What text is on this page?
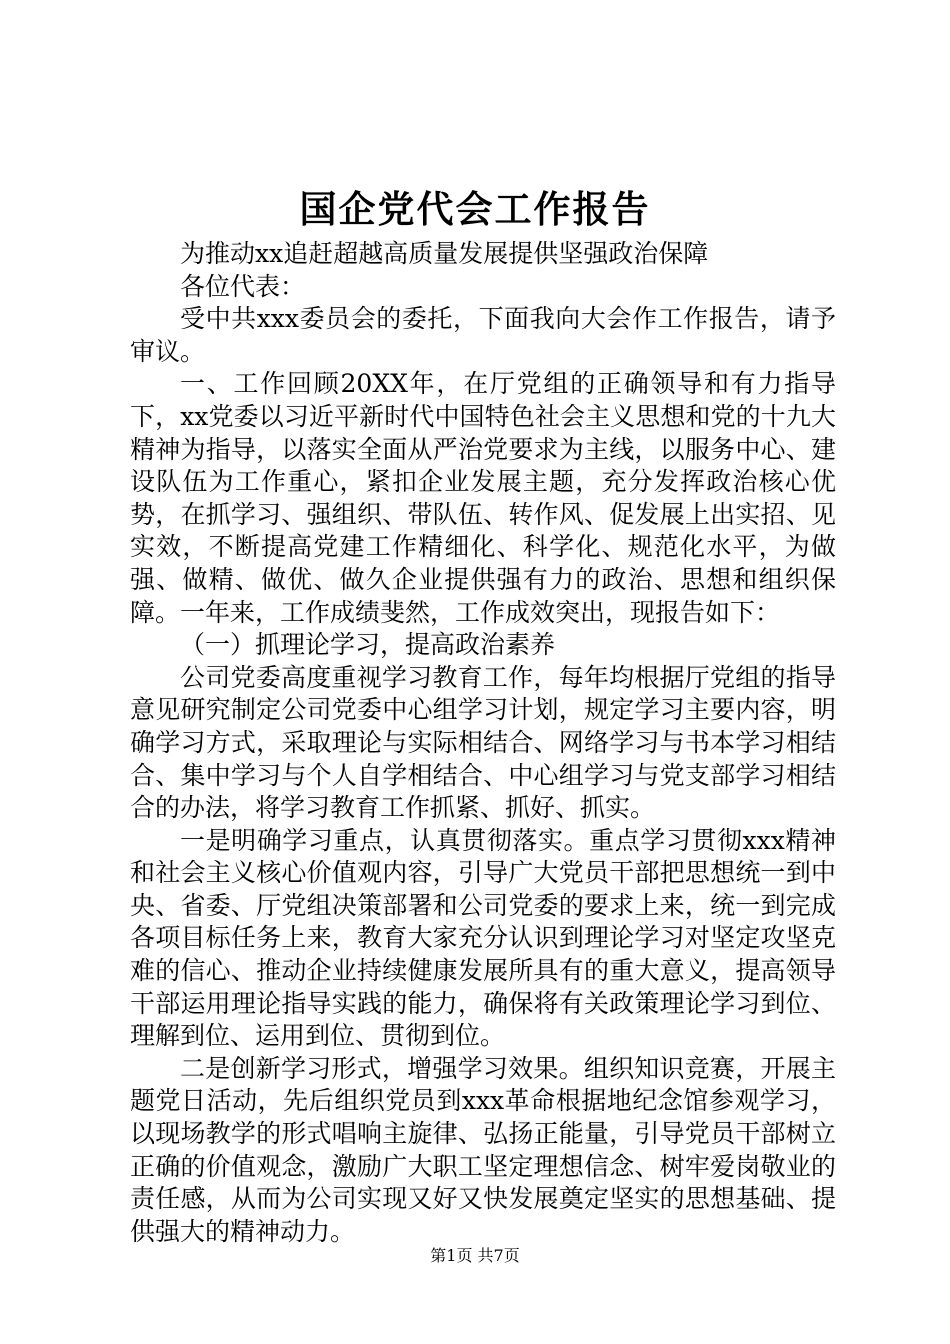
国企党代会工作报告

为推动xx追赶超越高质量发展提供坚强政治保障

各位代表：

受中共xxx委员会的委托，下面我向大会作工作报告，请予审议。

一、工作回顾20XX年，在厅党组的正确领导和有力指导下，xx党委以习近平新时代中国特色社会主义思想和党的十九大精神为指导，以落实全面从严治党要求为主线，以服务中心、建设队伍为工作重心，紧扣企业发展主题，充分发挥政治核心优势，在抓学习、强组织、带队伍、转作风、促发展上出实招、见实效，不断提高党建工作精细化、科学化、规范化水平，为做强、做精、做优、做久企业提供强有力的政治、思想和组织保障。一年来，工作成绩斐然，工作成效突出，现报告如下：

（一）抓理论学习，提高政治素养

公司党委高度重视学习教育工作，每年均根据厅党组的指导意见研究制定公司党委中心组学习计划，规定学习主要内容，明确学习方式，采取理论与实际相结合、网络学习与书本学习相结合、集中学习与个人自学相结合、中心组学习与党支部学习相结合的办法，将学习教育工作抓紧、抓好、抓实。

一是明确学习重点，认真贯彻落实。重点学习贯彻xxx精神和社会主义核心价值观内容，引导广大党员干部把思想统一到中央、省委、厅党组决策部署和公司党委的要求上来，统一到完成各项目标任务上来，教育大家充分认识到理论学习对坚定攻坚克难的信心、推动企业持续健康发展所具有的重大意义，提高领导干部运用理论指导实践的能力，确保将有关政策理论学习到位、理解到位、运用到位、贯彻到位。

二是创新学习形式，增强学习效果。组织知识竞赛，开展主题党日活动，先后组织党员到xxx革命根据地纪念馆参观学习，以现场教学的形式唱响主旋律、弘扬正能量，引导党员干部树立正确的价值观念，激励广大职工坚定理想信念、树牢爱岗敬业的责任感，从而为公司实现又好又快发展奠定坚实的思想基础、提供强大的精神动力。

第1页 共7页
